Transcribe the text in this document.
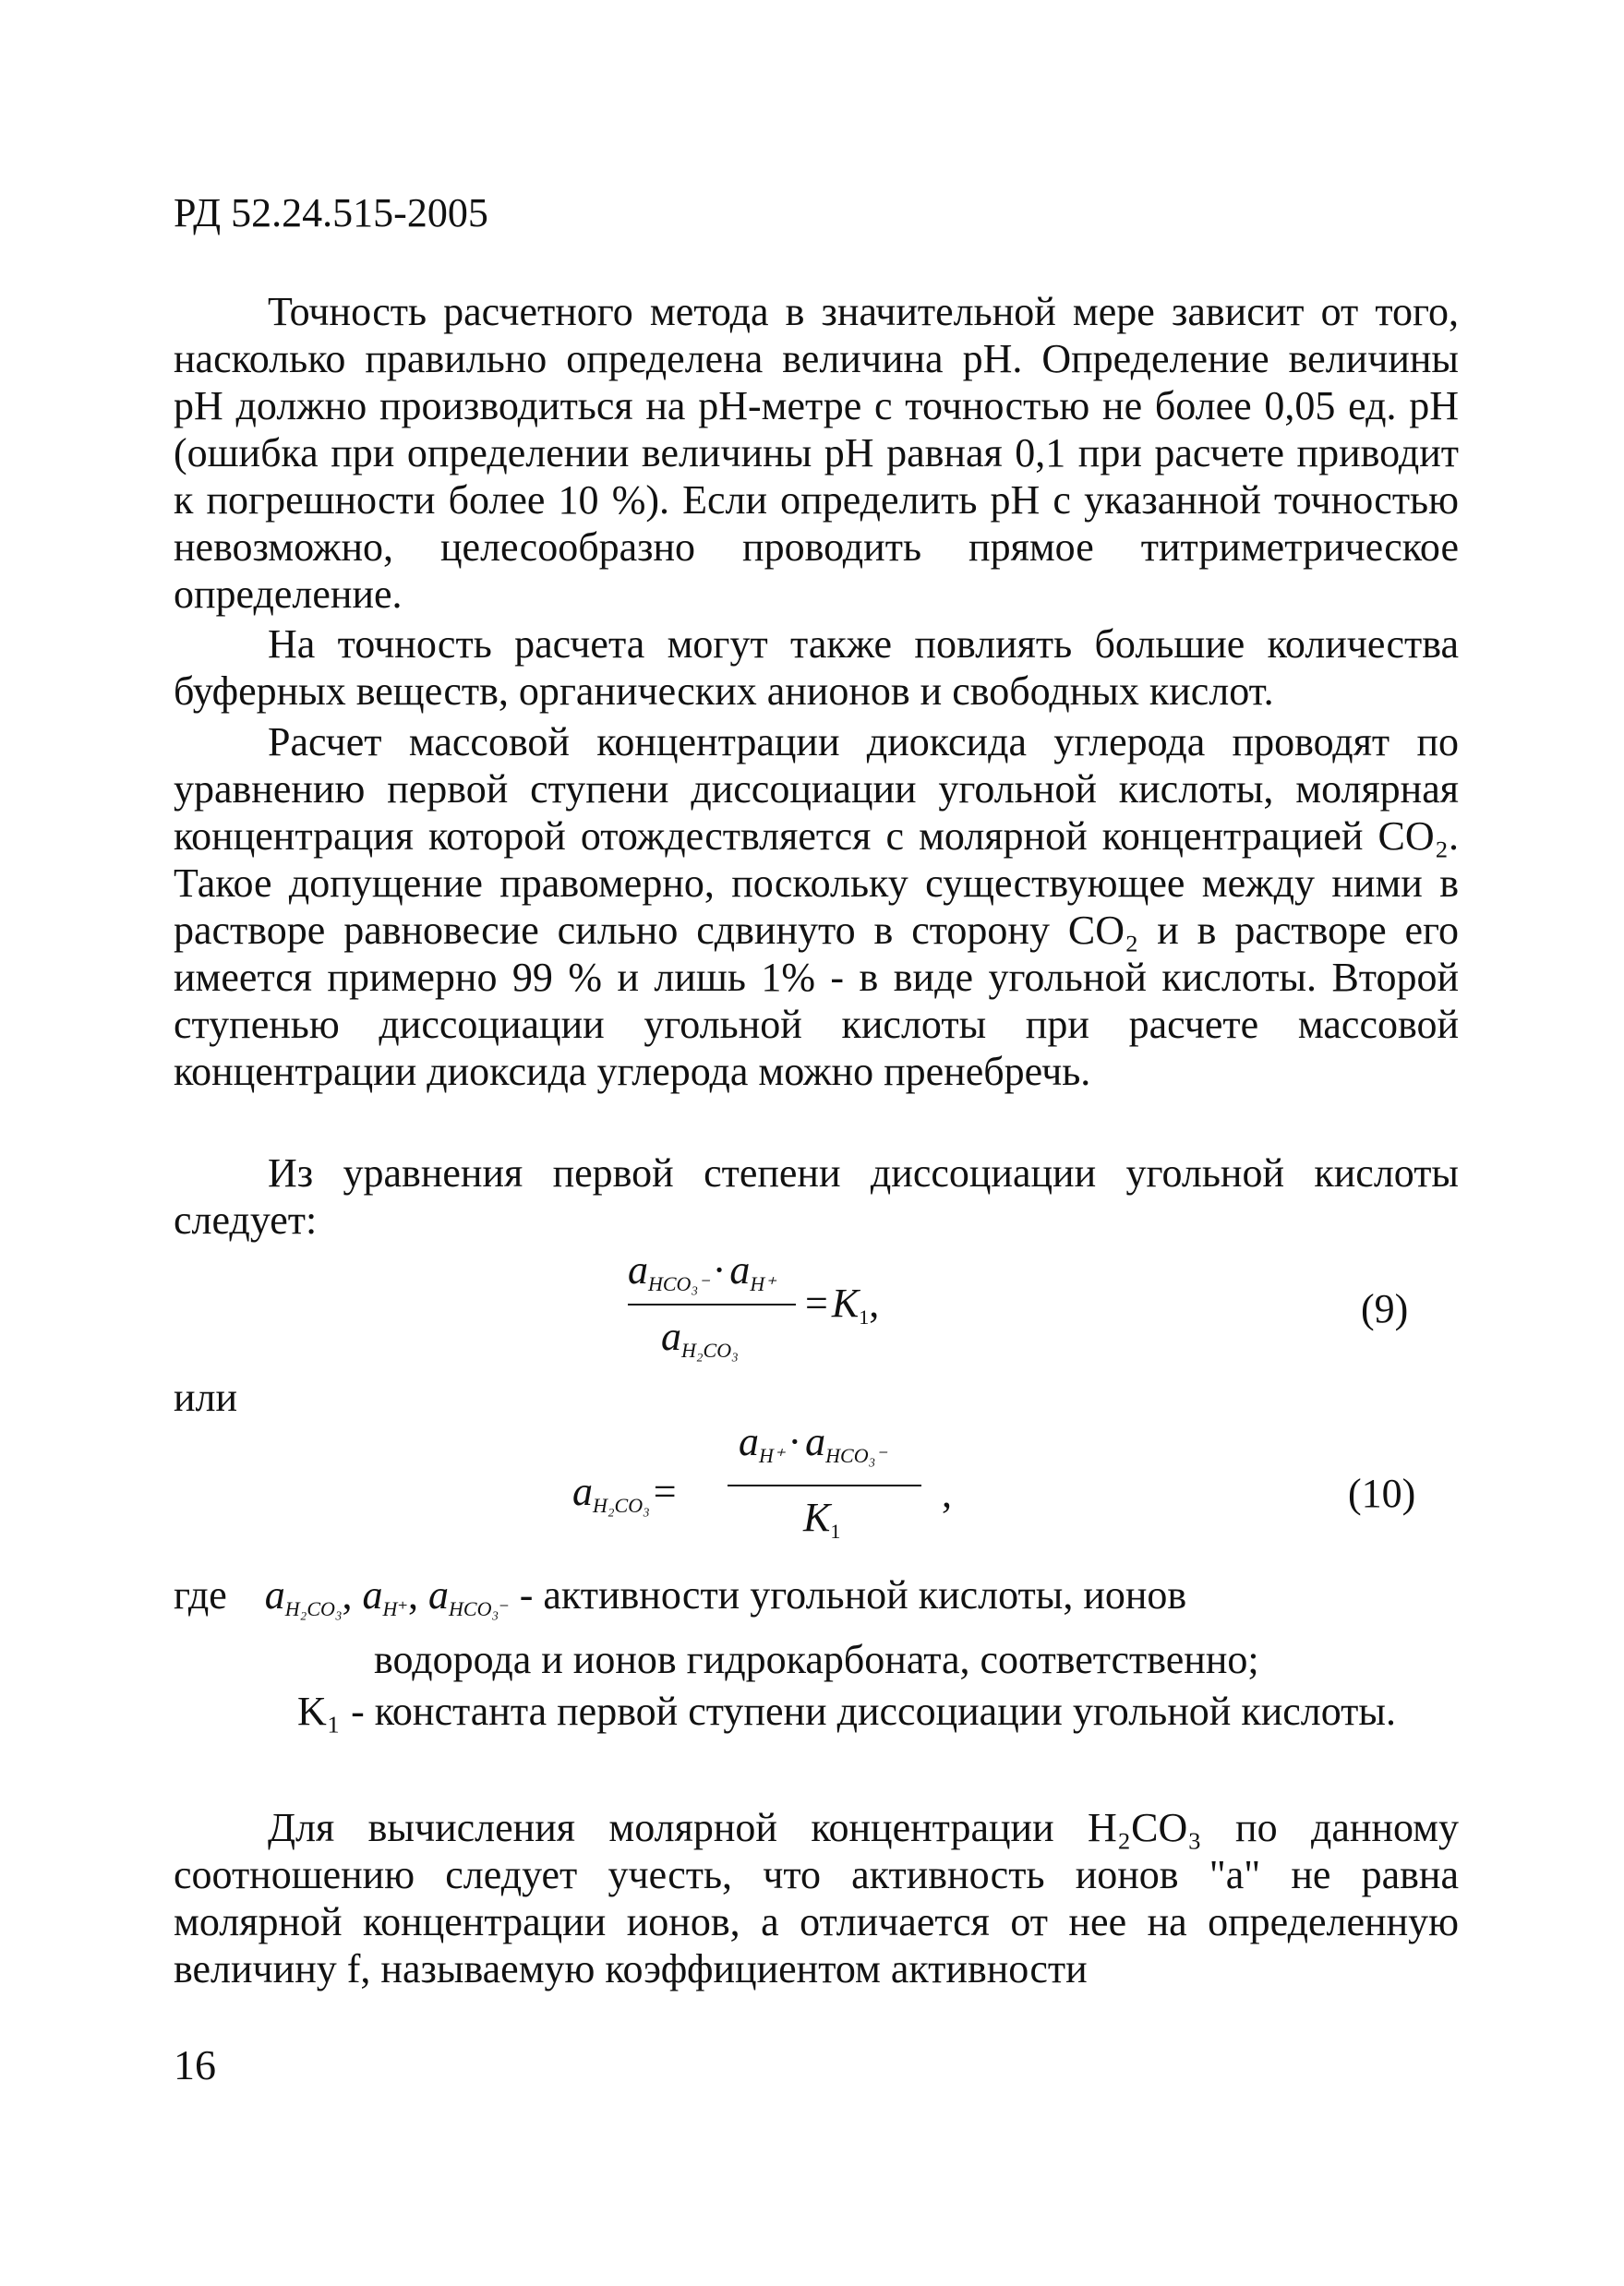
РД 52.24.515-2005

Точность расчетного метода в значительной мере зависит от того, насколько правильно определена величина pH. Определение величины pH должно производиться на pH-метре с точностью не более 0,05 ед. pH (ошибка при определении величины pH равная 0,1 при расчете приводит к погрешности более 10 %). Если определить pH с указанной точностью невозможно, целесообразно проводить прямое титриметрическое определение.

На точность расчета могут также повлиять большие количества буферных веществ, органических анионов и свободных кислот.

Расчет массовой концентрации диоксида углерода проводят по уравнению первой ступени диссоциации угольной кислоты, молярная концентрация которой отождествляется с молярной концентрацией CO₂. Такое допущение правомерно, поскольку существующее между ними в растворе равновесие сильно сдвинуто в сторону CO₂ и в растворе его имеется примерно 99 % и лишь 1% - в виде угольной кислоты. Второй ступенью диссоциации угольной кислоты при расчете массовой концентрации диоксида углерода можно пренебречь.

Из уравнения первой степени диссоциации угольной кислоты следует:

aHCO₃⁻ · aH⁺
aH₂CO₃
= K1,	(9)
или
aH₂CO₃ =
aH⁺ · aHCO₃⁻
K1
,	(10)
где $a_{H_2CO_3}$, $a_{H^+}$, $a_{HCO_3^-}$ - активности угольной кислоты, ионов
водорода и ионов гидрокарбоната, соответственно;
K₁ - константа первой ступени диссоциации угольной кислоты.

Для вычисления молярной концентрации H₂CO₃ по данному соотношению следует учесть, что активность ионов "a" не равна молярной концентрации ионов, а отличается от нее на определенную величину f, называемую коэффициентом активности

16
